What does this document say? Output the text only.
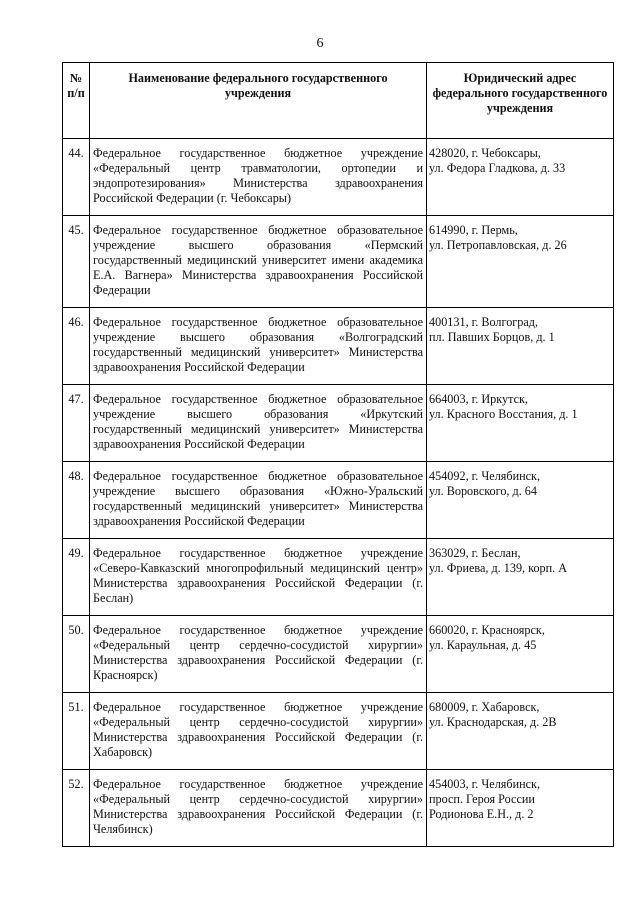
6
№ п/п	Наименование федерального государственного учреждения	Юридический адрес федерального государственного учреждения
44.	Федеральное государственное бюджетное учреждение «Федеральный центр травматологии, ортопедии и эндопротезирования» Министерства здравоохранения Российской Федерации (г. Чебоксары)	428020, г. Чебоксары,
ул. Федора Гладкова, д. 33

45.	Федеральное государственное бюджетное образовательное учреждение высшего образования «Пермский государственный медицинский университет имени академика Е.А. Вагнера» Министерства здравоохранения Российской Федерации	614990, г. Пермь,
ул. Петропавловская, д. 26

46.	Федеральное государственное бюджетное образовательное учреждение высшего образования «Волгоградский государственный медицинский университет» Министерства здравоохранения Российской Федерации	400131, г. Волгоград,
пл. Павших Борцов, д. 1

47.	Федеральное государственное бюджетное образовательное учреждение высшего образования «Иркутский государственный медицинский университет» Министерства здравоохранения Российской Федерации	664003, г. Иркутск,
ул. Красного Восстания, д. 1

48.	Федеральное государственное бюджетное образовательное учреждение высшего образования «Южно-Уральский государственный медицинский университет» Министерства здравоохранения Российской Федерации	454092, г. Челябинск,
ул. Воровского, д. 64

49.	Федеральное государственное бюджетное учреждение «Северо-Кавказский многопрофильный медицинский центр» Министерства здравоохранения Российской Федерации (г. Беслан)	363029, г. Беслан,
ул. Фриева, д. 139, корп. А

50.	Федеральное государственное бюджетное учреждение «Федеральный центр сердечно-сосудистой хирургии» Министерства здравоохранения Российской Федерации (г. Красноярск)	660020, г. Красноярск,
ул. Караульная, д. 45

51.	Федеральное государственное бюджетное учреждение «Федеральный центр сердечно-сосудистой хирургии» Министерства здравоохранения Российской Федерации (г. Хабаровск)	680009, г. Хабаровск,
ул. Краснодарская, д. 2В

52.	Федеральное государственное бюджетное учреждение «Федеральный центр сердечно-сосудистой хирургии» Министерства здравоохранения Российской Федерации (г. Челябинск)	454003, г. Челябинск,
просп. Героя России
Родионова Е.Н., д. 2
